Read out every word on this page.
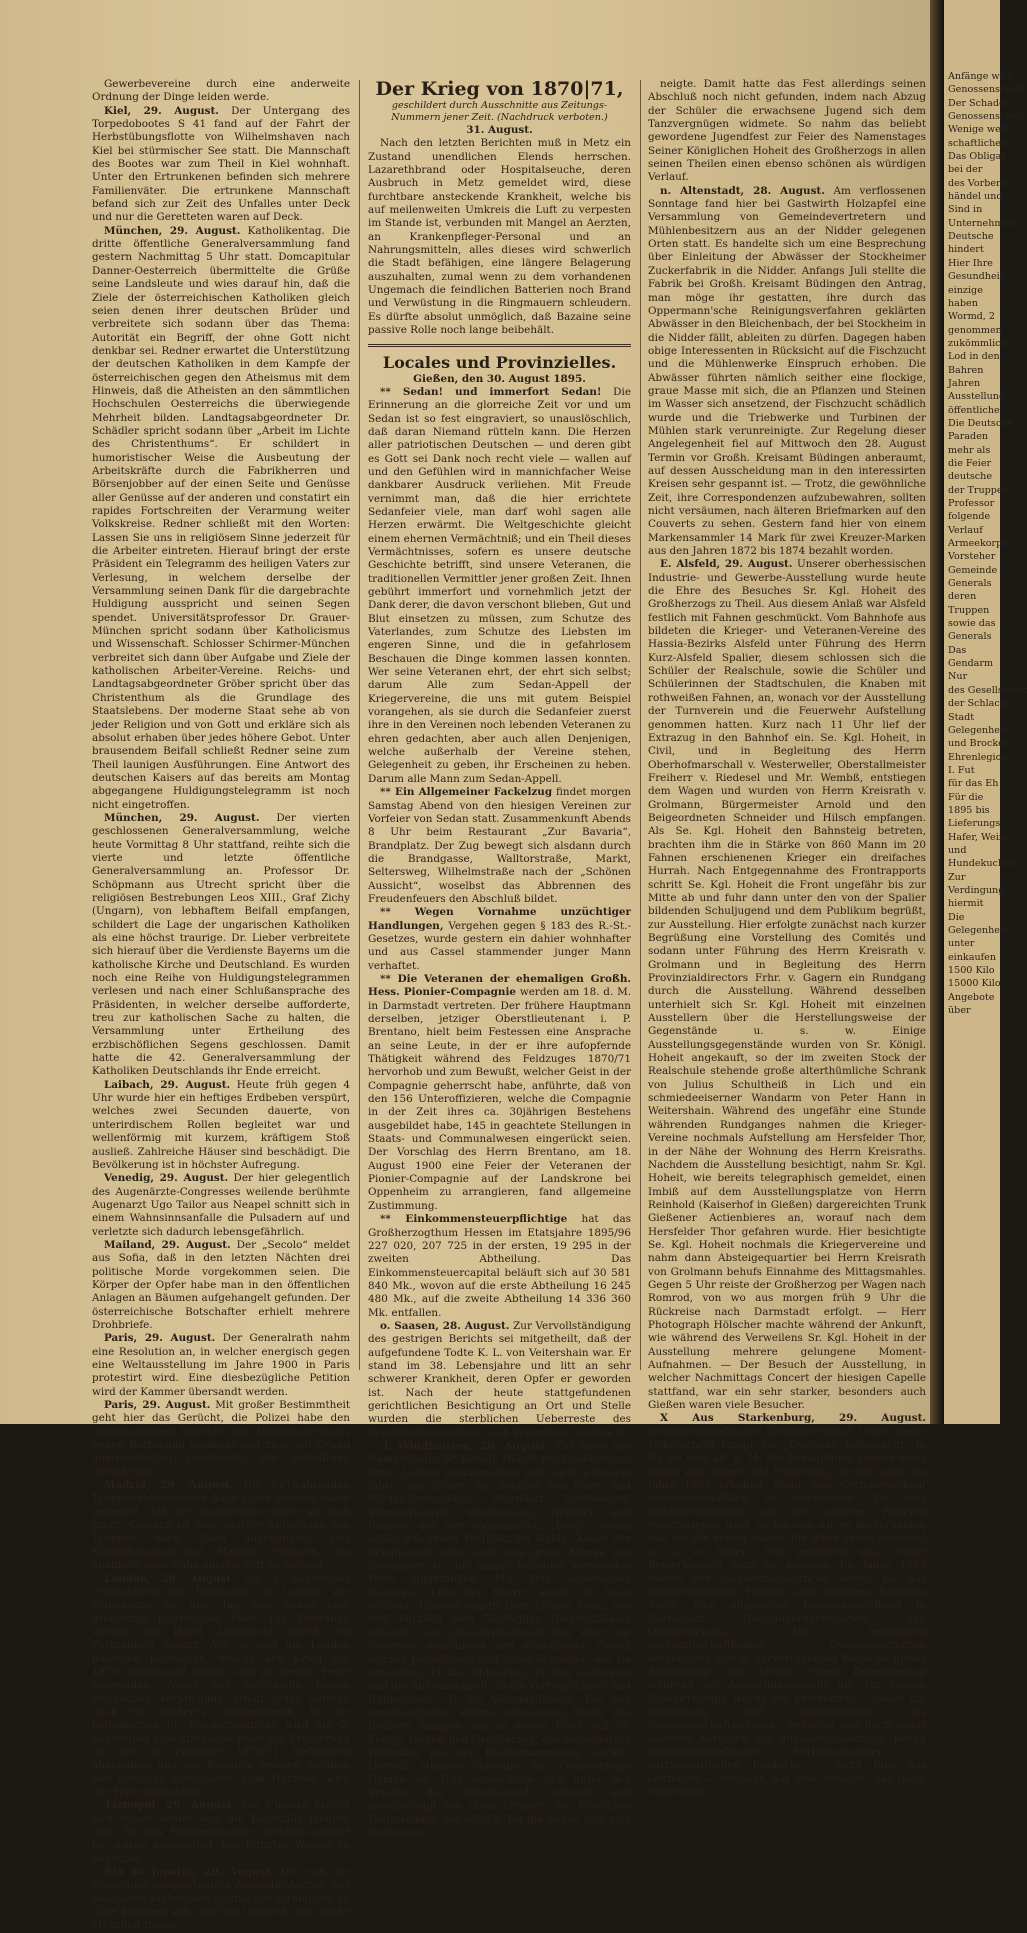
Gewerbevereine durch eine anderweite Ordnung der Dinge leiden werde.

Kiel, 29. August. Der Untergang des Torpedobootes S 41 fand auf der Fahrt der Herbstübungsflotte von Wilhelmshaven nach Kiel bei stürmischer See statt. Die Mannschaft des Bootes war zum Theil in Kiel wohnhaft. Unter den Ertrunkenen befinden sich mehrere Familienväter. Die ertrunkene Mannschaft befand sich zur Zeit des Unfalles unter Deck und nur die Geretteten waren auf Deck.

München, 29. August. Katholikentag. Die dritte öffentliche Generalversammlung fand gestern Nachmittag 5 Uhr statt. Domcapitular Danner-Oesterreich übermittelte die Grüße seine Landsleute und wies darauf hin, daß die Ziele der österreichischen Katholiken gleich seien denen ihrer deutschen Brüder und verbreitete sich sodann über das Thema: Autorität ein Begriff, der ohne Gott nicht denkbar sei. Redner erwartet die Unterstützung der deutschen Katholiken in dem Kampfe der österreichischen gegen den Atheismus mit dem Hinweis, daß die Atheisten an den sämmtlichen Hochschulen Oesterreichs die überwiegende Mehrheit bilden. Landtagsabgeordneter Dr. Schädler spricht sodann über „Arbeit im Lichte des Christenthums“. Er schildert in humoristischer Weise die Ausbeutung der Arbeitskräfte durch die Fabrikherren und Börsenjobber auf der einen Seite und Genüsse aller Genüsse auf der anderen und constatirt ein rapides Fortschreiten der Verarmung weiter Volkskreise. Redner schließt mit den Worten: Lassen Sie uns in religiösem Sinne jederzeit für die Arbeiter eintreten. Hierauf bringt der erste Präsident ein Telegramm des heiligen Vaters zur Verlesung, in welchem derselbe der Versammlung seinen Dank für die dargebrachte Huldigung ausspricht und seinen Segen spendet. Universitätsprofessor Dr. Grauer-München spricht sodann über Katholicismus und Wissenschaft. Schlosser Schirmer-München verbreitet sich dann über Aufgabe und Ziele der katholischen Arbeiter-Vereine. Reichs- und Landtagsabgeordneter Gröber spricht über das Christenthum als die Grundlage des Staatslebens. Der moderne Staat sehe ab von jeder Religion und von Gott und erkläre sich als absolut erhaben über jedes höhere Gebot. Unter brausendem Beifall schließt Redner seine zum Theil launigen Ausführungen. Eine Antwort des deutschen Kaisers auf das bereits am Montag abgegangene Huldigungstelegramm ist noch nicht eingetroffen.

München, 29. August. Der vierten geschlossenen Generalversammlung, welche heute Vormittag 8 Uhr stattfand, reihte sich die vierte und letzte öffentliche Generalversammlung an. Professor Dr. Schöpmann aus Utrecht spricht über die religiösen Bestrebungen Leos XIII., Graf Zichy (Ungarn), von lebhaftem Beifall empfangen, schildert die Lage der ungarischen Katholiken als eine höchst traurige. Dr. Lieber verbreitete sich hierauf über die Verdienste Bayerns um die katholische Kirche und Deutschland. Es wurden noch eine Reihe von Huldigungstelegrammen verlesen und nach einer Schlußansprache des Präsidenten, in welcher derselbe aufforderte, treu zur katholischen Sache zu halten, die Versammlung unter Ertheilung des erzbischöflichen Segens geschlossen. Damit hatte die 42. Generalversammlung der Katholiken Deutschlands ihr Ende erreicht.

Laibach, 29. August. Heute früh gegen 4 Uhr wurde hier ein heftiges Erdbeben verspürt, welches zwei Secunden dauerte, von unterirdischem Rollen begleitet war und wellenförmig mit kurzem, kräftigem Stoß ausließ. Zahlreiche Häuser sind beschädigt. Die Bevölkerung ist in höchster Aufregung.

Venedig, 29. August. Der hier gelegentlich des Augenärzte-Congresses weilende berühmte Augenarzt Ugo Tailor aus Neapel schnitt sich in einem Wahnsinnsanfalle die Pulsadern auf und verletzte sich dadurch lebensgefährlich.

Mailand, 29. August. Der „Secolo“ meldet aus Sofia, daß in den letzten Nächten drei politische Morde vorgekommen seien. Die Körper der Opfer habe man in den öffentlichen Anlagen an Bäumen aufgehangelt gefunden. Der österreichische Botschafter erhielt mehrere Drohbriefe.

Paris, 29. August. Der Generalrath nahm eine Resolution an, in welcher energisch gegen eine Weltausstellung im Jahre 1900 in Paris protestirt wird. Eine diesbezügliche Petition wird der Kammer übersandt werden.

Paris, 29. August. Mit großer Bestimmtheit geht hier das Gerücht, die Polizei habe den muthmaßlichen Urheber des Attentatsversuchs gegen Rothschild entdeckt und zwar auf Grund anarchistischer Drohbriefe. Die Verhaftung steht bevor.

Madrid, 29. August. Die fortwährenden Truppenabsendungen nach Cuba werden dahin gedeutet, daß die Insurrection weiter um sich greift. Gestern ist eine weitere Abtheilung von Truppen nach Cuba abgegangen. Das Königsbataillon hat Madrid verlassen, um ebenfalls nach Cuba eingeschifft zu werden.

London, 29. August. Am 1. September veranstalten die Deutschen in London zur Erinnerung an den Tag von Sedan eine großartige patriotische Feier. Die Veteranen werden im Hotel Lambrecht durch ein Festbankett geehrt. Alle in und um London lebenden Deutschen, welche den Krieg von 1870 mitgemacht haben, sind zu diesem Feste eingeladen. Außer der vollständig freien, reichlichen Verpflegung erhält jeder Veteran noch ein größeres Geldgeschenk. In der katholischen St. Bonifaciuskirche wird am 2. September eine kirchliche Feier zur Erinnerung an die im Feldzuge 1870/71 Gefallenen abgehalten und ein Requiem gelesen werden. Der deutsche Botschafter, Graf Hatzfeld, wird der Feier beiwohnen.

Tarnopol, 29. August. Die Cholera breitet sich immer weiter aus; die Todesfälle mehren sich. Da das Brunnenwasser ebenfalls inficirt ist, wurde angeordnet, nur filtrirtes Wasser zu benutzen.

Rio de Janeiro, 29. August. Der von der Regierung ausgearbeitete Amnestie-Antrag, der besonders zahlreichen politischen Sträflingen zu Gute kommen soll, wird im Congreß eine große Mehrheit finden.

Der Krieg von 1870|71,

geschildert durch Ausschnitte aus Zeitungs-Nummern jener Zeit. (Nachdruck verboten.)

31. August.

Nach den letzten Berichten muß in Metz ein Zustand unendlichen Elends herrschen. Lazarethbrand oder Hospitalseuche, deren Ausbruch in Metz gemeldet wird, diese furchtbare ansteckende Krankheit, welche bis auf meilenweiten Umkreis die Luft zu verpesten im Stande ist, verbunden mit Mangel an Aerzten, an Krankenpfleger-Personal und an Nahrungsmitteln, alles dieses wird schwerlich die Stadt befähigen, eine längere Belagerung auszuhalten, zumal wenn zu dem vorhandenen Ungemach die feindlichen Batterien noch Brand und Verwüstung in die Ringmauern schleudern. Es dürfte absolut unmöglich, daß Bazaine seine passive Rolle noch lange beibehält.

Locales und Provinzielles.

Gießen, den 30. August 1895.

** Sedan! und immerfort Sedan! Die Erinnerung an die glorreiche Zeit vor und um Sedan ist so fest eingraviert, so unauslöschlich, daß daran Niemand rütteln kann. Die Herzen aller patriotischen Deutschen — und deren gibt es Gott sei Dank noch recht viele — wallen auf und den Gefühlen wird in mannichfacher Weise dankbarer Ausdruck verliehen. Mit Freude vernimmt man, daß die hier errichtete Sedanfeier viele, man darf wohl sagen alle Herzen erwärmt. Die Weltgeschichte gleicht einem ehernen Vermächtniß; und ein Theil dieses Vermächtnisses, sofern es unsere deutsche Geschichte betrifft, sind unsere Veteranen, die traditionellen Vermittler jener großen Zeit. Ihnen gebührt immerfort und vornehmlich jetzt der Dank derer, die davon verschont blieben, Gut und Blut einsetzen zu müssen, zum Schutze des Vaterlandes, zum Schutze des Liebsten im engeren Sinne, und die in gefahrlosem Beschauen die Dinge kommen lassen konnten. Wer seine Veteranen ehrt, der ehrt sich selbst; darum Alle zum Sedan-Appell der Kriegervereine, die uns mit gutem Beispiel vorangehen, als sie durch die Sedanfeier zuerst ihre in den Vereinen noch lebenden Veteranen zu ehren gedachten, aber auch allen Denjenigen, welche außerhalb der Vereine stehen, Gelegenheit zu geben, ihr Erscheinen zu heben. Darum alle Mann zum Sedan-Appell.

** Ein Allgemeiner Fackelzug findet morgen Samstag Abend von den hiesigen Vereinen zur Vorfeier von Sedan statt. Zusammenkunft Abends 8 Uhr beim Restaurant „Zur Bavaria“, Brandplatz. Der Zug bewegt sich alsdann durch die Brandgasse, Walltorstraße, Markt, Seltersweg, Wilhelmstraße nach der „Schönen Aussicht“, woselbst das Abbrennen des Freudenfeuers den Abschluß bildet.

** Wegen Vornahme unzüchtiger Handlungen, Vergehen gegen § 183 des R.-St.-Gesetzes, wurde gestern ein dahier wohnhafter und aus Cassel stammender junger Mann verhaftet.

** Die Veteranen der ehemaligen Großh. Hess. Pionier-Compagnie werden am 18. d. M. in Darmstadt vertreten. Der frühere Hauptmann derselben, jetziger Oberstlieutenant i. P. Brentano, hielt beim Festessen eine Ansprache an seine Leute, in der er ihre aufopfernde Thätigkeit während des Feldzuges 1870/71 hervorhob und zum Bewußt, welcher Geist in der Compagnie geherrscht habe, anführte, daß von den 156 Unteroffizieren, welche die Compagnie in der Zeit ihres ca. 30jährigen Bestehens ausgebildet habe, 145 in geachtete Stellungen in Staats- und Communalwesen eingerückt seien. Der Vorschlag des Herrn Brentano, am 18. August 1900 eine Feier der Veteranen der Pionier-Compagnie auf der Landskrone bei Oppenheim zu arrangieren, fand allgemeine Zustimmung.

** Einkommensteuerpflichtige hat das Großherzogthum Hessen im Etatsjahre 1895/96 227 020, 207 725 in der ersten, 19 295 in der zweiten Abtheilung. Das Einkommensteuercapital beläuft sich auf 30 581 840 Mk., wovon auf die erste Abtheilung 16 245 480 Mk., auf die zweite Abtheilung 14 336 360 Mk. entfallen.

o. Saasen, 28. August. Zur Vervollständigung des gestrigen Berichts sei mitgetheilt, daß der aufgefundene Todte K. L. von Veitershain war. Er stand im 38. Lebensjahre und litt an sehr schwerer Krankheit, deren Opfer er geworden ist. Nach der heute stattgefundenen gerichtlichen Besichtigung an Ort und Stelle wurden die sterblichen Ueberreste des Bemitleidenswerthen nach Veitershain verbracht.

-l. Windhausen, 28. August. Zur Feier des Namenstages Sr. Königl. Hoheit des Großherzogs Ernst Ludwig versammelten sich auch in diesem Jahre, wie früher, die Schulen von Ober- und Nieder-Breitenbach, Storndorf, Strebendorf, Stumpertenrod, Windhausen, Helbrich und Romrod auf der sogenannten „Berg“, einem schön gelegenen Festplatz im Walde. Außer der Schuljugend hatte sich eine große Menge von Festgästen zu der immer beliebter werdenden Feier eingefunden. Mit dem allgemeinen Gesange: „Lobe den Herrn“ wurde die Feier eröffnet. Hieraus ergriff Herr Lehrer Stein, der erst kürzlich sein 50jähriges Dienstjubiläum gefeiert, von Ober-Breitenbach das Wort zur Festrede, ausführend den erziehlichen Zweck solcher Jugendfeste und dabei betonend, wie sie erwecken: 1) das Mitgefühl, 2) den Gehorsam und die Aufständigkeit, 3) die Verträglichkeit und Duldsamkeit, 4) die Vaterlandsliebe. Die von ungeheuchelter Wärme getragenen Worte des Redners klangen aus in einem Hoch auf Sr. Königl. Hoheit den Großherzog, das begeisterten Widerhall bei der Festversammlung weckte. Hierauf stimmte dieselbe die Großherzogs-Hymne an. Nun entwickelte sich unter den Spielen der Schuljugend, geleitet und beaufsichtigt von ihren Lehrern, ein fröhliches Festetreiben, das anhielt, bis die Sonne sich zum Untergang

neigte. Damit hatte das Fest allerdings seinen Abschluß noch nicht gefunden, indem nach Abzug der Schüler die erwachsene Jugend sich dem Tanzvergnügen widmete. So nahm das beliebt gewordene Jugendfest zur Feier des Namenstages Seiner Königlichen Hoheit des Großherzogs in allen seinen Theilen einen ebenso schönen als würdigen Verlauf.

n. Altenstadt, 28. August. Am verflossenen Sonntage fand hier bei Gastwirth Holzapfel eine Versammlung von Gemeindevertretern und Mühlenbesitzern aus an der Nidder gelegenen Orten statt. Es handelte sich um eine Besprechung über Einleitung der Abwässer der Stockheimer Zuckerfabrik in die Nidder. Anfangs Juli stellte die Fabrik bei Großh. Kreisamt Büdingen den Antrag, man möge ihr gestatten, ihre durch das Oppermann'sche Reinigungsverfahren geklärten Abwässer in den Bleichenbach, der bei Stockheim in die Nidder fällt, ableiten zu dürfen. Dagegen haben obige Interessenten in Rücksicht auf die Fischzucht und die Mühlenwerke Einspruch erhoben. Die Abwässer führten nämlich seither eine flockige, graue Masse mit sich, die an Pflanzen und Steinen im Wasser sich ansetzend, der Fischzucht schädlich wurde und die Triebwerke und Turbinen der Mühlen stark verunreinigte. Zur Regelung dieser Angelegenheit fiel auf Mittwoch den 28. August Termin vor Großh. Kreisamt Büdingen anberaumt, auf dessen Ausscheidung man in den interessirten Kreisen sehr gespannt ist. — Trotz, die gewöhnliche Zeit, ihre Correspondenzen aufzubewahren, sollten nicht versäumen, nach älteren Briefmarken auf den Couverts zu sehen. Gestern fand hier von einem Markensammler 14 Mark für zwei Kreuzer-Marken aus den Jahren 1872 bis 1874 bezahlt worden.

E. Alsfeld, 29. August. Unserer oberhessischen Industrie- und Gewerbe-Ausstellung wurde heute die Ehre des Besuches Sr. Kgl. Hoheit des Großherzogs zu Theil. Aus diesem Anlaß war Alsfeld festlich mit Fahnen geschmückt. Vom Bahnhofe aus bildeten die Krieger- und Veteranen-Vereine des Hassia-Bezirks Alsfeld unter Führung des Herrn Kurz-Alsfeld Spalier, diesem schlossen sich die Schüler der Realschule, sowie die Schüler und Schülerinnen der Stadtschulen, die Knaben mit rothweißen Fahnen, an, wonach vor der Ausstellung der Turnverein und die Feuerwehr Aufstellung genommen hatten. Kurz nach 11 Uhr lief der Extrazug in den Bahnhof ein. Se. Kgl. Hoheit, in Civil, und in Begleitung des Herrn Oberhofmarschall v. Westerweller, Oberstallmeister Freiherr v. Riedesel und Mr. Wembß, entstiegen dem Wagen und wurden von Herrn Kreisrath v. Grolmann, Bürgermeister Arnold und den Beigeordneten Schneider und Hilsch empfangen. Als Se. Kgl. Hoheit den Bahnsteig betreten, brachten ihm die in Stärke von 860 Mann im 20 Fahnen erschienenen Krieger ein dreifaches Hurrah. Nach Entgegennahme des Frontrapports schritt Se. Kgl. Hoheit die Front ungefähr bis zur Mitte ab und fuhr dann unter den von der Spalier bildenden Schuljugend und dem Publikum begrüßt, zur Ausstellung. Hier erfolgte zunächst nach kurzer Begrüßung eine Vorstellung des Comités und sodann unter Führung des Herrn Kreisrath v. Grolmann und in Begleitung des Herrn Provinzialdirectors Frhr. v. Gagern ein Rundgang durch die Ausstellung. Während desselben unterhielt sich Sr. Kgl. Hoheit mit einzelnen Ausstellern über die Herstellungsweise der Gegenstände u. s. w. Einige Ausstellungsgegenstände wurden von Sr. Königl. Hoheit angekauft, so der im zweiten Stock der Realschule stehende große alterthümliche Schrank von Julius Schultheiß in Lich und ein schmiedeeiserner Wandarm von Peter Hann in Weitershain. Während des ungefähr eine Stunde währenden Rundganges nahmen die Krieger-Vereine nochmals Aufstellung am Hersfelder Thor, in der Nähe der Wohnung des Herrn Kreisraths. Nachdem die Ausstellung besichtigt, nahm Sr. Kgl. Hoheit, wie bereits telegraphisch gemeldet, einen Imbiß auf dem Ausstellungsplatze von Herrn Reinhold (Kaiserhof in Gießen) dargereichten Trunk Gießener Actienbieres an, worauf nach dem Hersfelder Thor gefahren wurde. Hier besichtigte Se. Kgl. Hoheit nochmals die Kriegervereine und nahm dann Absteigequartier bei Herrn Kreisrath von Grolmann behufs Einnahme des Mittagsmahles. Gegen 5 Uhr reiste der Großherzog per Wagen nach Romrod, von wo aus morgen früh 9 Uhr die Rückreise nach Darmstadt erfolgt. — Herr Photograph Hölscher machte während der Ankunft, wie während des Verweilens Sr. Kgl. Hoheit in der Ausstellung mehrere gelungene Moment-Aufnahmen. — Der Besuch der Ausstellung, in welcher Nachmittags Concert der hiesigen Capelle stattfand, war ein sehr starker, besonders auch Gießen waren viele Besucher.

X Aus Starkenburg, 29. August. Genossenschaftlicher Getreideverkauf. Unter dieser Ueberschrift bringt die „Deutsche Volkswacht“ in Nr. 66 vom 28. d. M. die Behauptung: Immer mehr bricht sich unsere alte Forderung, die wir schon im Jahre 1890 erhoben, Bahn, den Getreideverkauf genossenschaftlich zu organisiren. Da dies selbstverständlich von den anderen Parteien verschwiegen wird, so müssen wir es hervorheben, daß wir die ersten waren, die diese Frage angeregt u. s. w. haben. Wir gestatten uns, einige Bemerkungen dazu zu machen: Im Jahre 1883 feierte der landwirthschaftliche Verein für das Großherzogthum Hessen sein goldenes Jubiläum durch eine allgemeine Landesausstellung in Darmstadt (Bessungerherrngarten und Orangeriehaus). Die hessischen landwirthschaftlichen Genossenschaften betheiligten sich in hervorragender Weise an dieser Ausstellung und hielten einen Delegirtentag während der Ausstellungswoche ab. Auf diesem Delegirtentage wurde ein Festvortrag: „Ueber die Entstehung und Entwickelung des Genossenschaftswesens“, gehalten und darin unter anderen Anträgen der genossenschaftliche Bezug landwirthschaftlicher Verbrauchsgüter — wirthschaftlichen Producte — nicht blos des Getreides — verlangt, mit dem Anfügen, daß diese Forderung

Anfänge wich
Genossenschaft
Der Schaden
Genossenschaft
Wenige weiß
schaftlichen
Das Obligat
bei der
des Vorberei
händel und
Sind in
Unternehmen
Deutsche
hindert
Hier Ihre
Gesundheit
einzige
haben
Wormd, 2
genommen
zukömmlich
Lod in den
Bahren
Jahren
Ausstellung
öffentliche
Die Deutsche
Paraden
mehr als
die Feier
deutsche
der Truppen
Professor
folgende
Verlauf
Armeekorps
Vorsteher
Gemeinde
Generals
deren
Truppen
sowie das
Generals
Das
Gendarm
Nur
des Gesellschaft
der Schlacht
Stadt
Gelegenheit
und Brocken
Ehrenlegion
I. Fut
für das Eh
Für die
1895 bis
Lieferungs
Hafer, Weize
und
Hundekuchen
Zur
Verdingung
hiermit
Die
Gelegenheit
unter
einkaufen
1500 Kilo
15000 Kilo
Angebote
über
